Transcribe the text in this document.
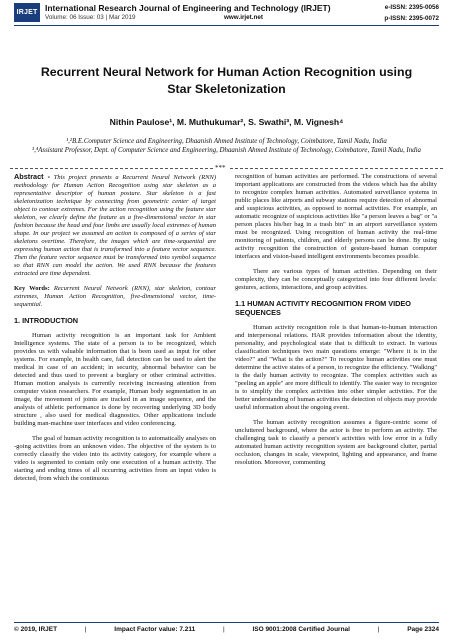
IRJET International Research Journal of Engineering and Technology (IRJET)
Volume: 06 Issue: 03 | Mar 2019	www.irjet.net
e-ISSN: 2395-0056
p-ISSN: 2395-0072
Recurrent Neural Network for Human Action Recognition using Star Skeletonization
Nithin Paulose¹, M. Muthukumar², S. Swathi³, M. Vignesh⁴
¹,²B.E.Computer Science and Engineering, Dhaanish Ahmed Institute of Technology, Coimbatore, Tamil Nadu, India
³,⁴Assistant Professor, Dept. of Computer Science and Engineering, Dhaanish Ahmed Institute of Technology, Coimbatore, Tamil Nadu, India
***

Abstract - This project presents a Recurrent Neural Network (RNN) methodology for Human Action Recognition using star skeleton as a representative descriptor of human posture. Star skeleton is a fast skeletonization technique by connecting from geometric center of target object to contour extremes. For the action recognition using the feature star skeleton, we clearly define the feature as a five-dimensional vector in star fashion because the head and four limbs are usually local extremes of human shape. In our project we assumed an action is composed of a series of star skeletons overtime. Therefore, the images which are time-sequential are expressing human action that is transformed into a feature vector sequence. Then the feature vector sequence must be transformed into symbol sequence so that RNN can model the action. We used RNN because the features extracted are time dependent.

Key Words: Recurrent Neural Network (RNN), star skeleton, contour extremes, Human Action Recognition, five-dimensional vector, time-sequential.

1. INTRODUCTION

Human activity recognition is an important task for Ambient Intelligence systems. The state of a person is to be recognized, which provides us with valuable information that is been used as input for other systems. For example, in health care, fall detection can be used to alert the medical in case of an accident; in security, abnormal behavior can be detected and thus used to prevent a burglary or other criminal activities. Human motion analysis is currently receiving increasing attention from computer vision researchers. For example, Human body segmentation in an image, the movement of joints are tracked in an image sequence, and the analysis of athletic performance is done by recovering underlying 3D body structure , also used for medical diagnostics. Other applications include building man-machine user interfaces and video conferencing.

The goal of human activity recognition is to automatically analyses on -going activities from an unknown video. The objective of the system is to correctly classify the video into its activity category, for example where a video is segmented to contain only one execution of a human activity. The starting and ending times of all occurring activities from an input video is detected, from which the continuous

recognition of human activities are performed. The constructions of several important applications are constructed from the videos which has the ability to recognize complex human activities. Automated surveillance systems in public places like airports and subway stations require detection of abnormal and suspicious activities, as opposed to normal activities. For example, an automatic recognize of suspicious activities like "a person leaves a bag" or "a person places his/her bag in a trash bin" in an airport surveillance system must be recognized. Using recognition of human activity the real-time monitoring of patients, children, and elderly persons can be done. By using activity recognition the construction of gesture-based human computer interfaces and vision-based intelligent environments becomes possible.

There are various types of human activities. Depending on their complexity, they can be conceptually categorized into four different levels: gestures, actions, interactions, and group activities.

1.1 HUMAN ACTIVITY RECOGNITION FROM VIDEO SEQUENCES

Human activity recognition role is that human-to-human interaction and interpersonal relations. HAR provides information about the identity, personality, and psychological state that is difficult to extract. In various classification techniques two main questions emerge: "Where it is in the video?" and "What is the action?" To recognize human activities one must determine the active states of a person, to recognize the efficiency. "Walking" is the daily human activity to recognize. The complex activities such as "peeling an apple" are more difficult to identify. The easier way to recognize is to simplify the complex activities into other simpler activities. For the better understanding of human activities the detection of objects may provide useful information about the ongoing event.

The human activity recognition assumes a figure-centric scene of uncluttered background, where the actor is free to perform an activity. The challenging task to classify a person's activities with low error in a fully automated human activity recognition system are background clutter, partial occlusion, changes in scale, viewpoint, lighting and appearance, and frame resolution. Moreover, commenting

© 2019, IRJET	|	Impact Factor value: 7.211	|	ISO 9001:2008 Certified Journal	|	Page 2324
